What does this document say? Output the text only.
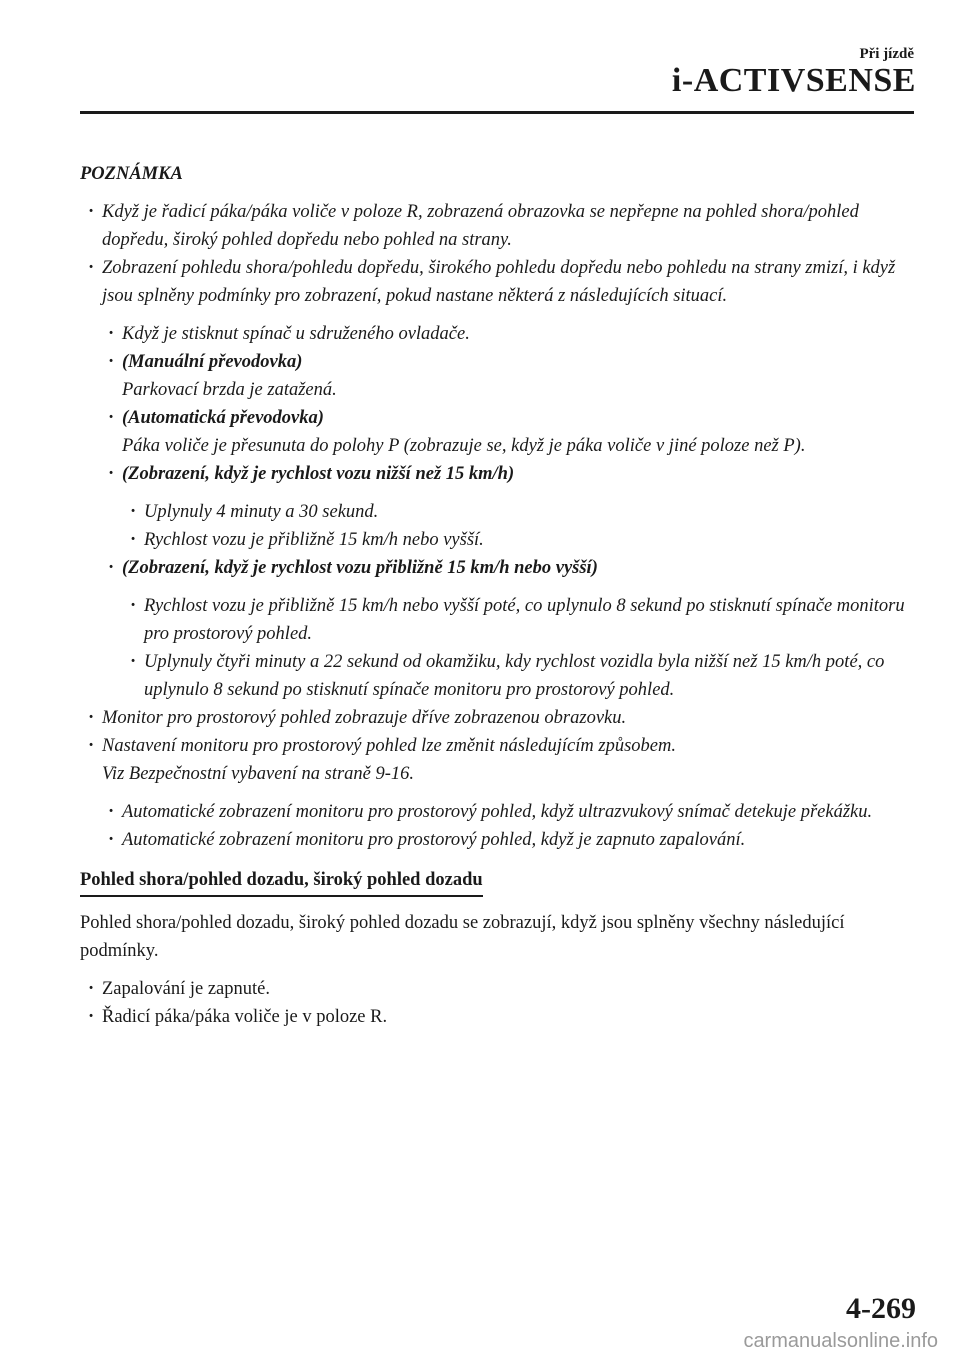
Při jízdě
i-ACTIVSENSE
POZNÁMKA
· Když je řadicí páka/páka voliče v poloze R, zobrazená obrazovka se nepřepne na pohled shora/pohled dopředu, široký pohled dopředu nebo pohled na strany.
· Zobrazení pohledu shora/pohledu dopředu, širokého pohledu dopředu nebo pohledu na strany zmizí, i když jsou splněny podmínky pro zobrazení, pokud nastane některá z následujících situací.
· Když je stisknut spínač u sdruženého ovladače.
· (Manuální převodovka)
Parkovací brzda je zatažená.
· (Automatická převodovka)
Páka voliče je přesunuta do polohy P (zobrazuje se, když je páka voliče v jiné poloze než P).
· (Zobrazení, když je rychlost vozu nižší než 15 km/h)
· Uplynuly 4 minuty a 30 sekund.
· Rychlost vozu je přibližně 15 km/h nebo vyšší.
· (Zobrazení, když je rychlost vozu přibližně 15 km/h nebo vyšší)
· Rychlost vozu je přibližně 15 km/h nebo vyšší poté, co uplynulo 8 sekund po stisknutí spínače monitoru pro prostorový pohled.
· Uplynuly čtyři minuty a 22 sekund od okamžiku, kdy rychlost vozidla byla nižší než 15 km/h poté, co uplynulo 8 sekund po stisknutí spínače monitoru pro prostorový pohled.
· Monitor pro prostorový pohled zobrazuje dříve zobrazenou obrazovku.
· Nastavení monitoru pro prostorový pohled lze změnit následujícím způsobem.
Viz Bezpečnostní vybavení na straně 9-16.
· Automatické zobrazení monitoru pro prostorový pohled, když ultrazvukový snímač detekuje překážku.
· Automatické zobrazení monitoru pro prostorový pohled, když je zapnuto zapalování.
Pohled shora/pohled dozadu, široký pohled dozadu
Pohled shora/pohled dozadu, široký pohled dozadu se zobrazují, když jsou splněny všechny následující podmínky.
· Zapalování je zapnuté.
· Řadicí páka/páka voliče je v poloze R.
4-269
carmanualsonline.info
